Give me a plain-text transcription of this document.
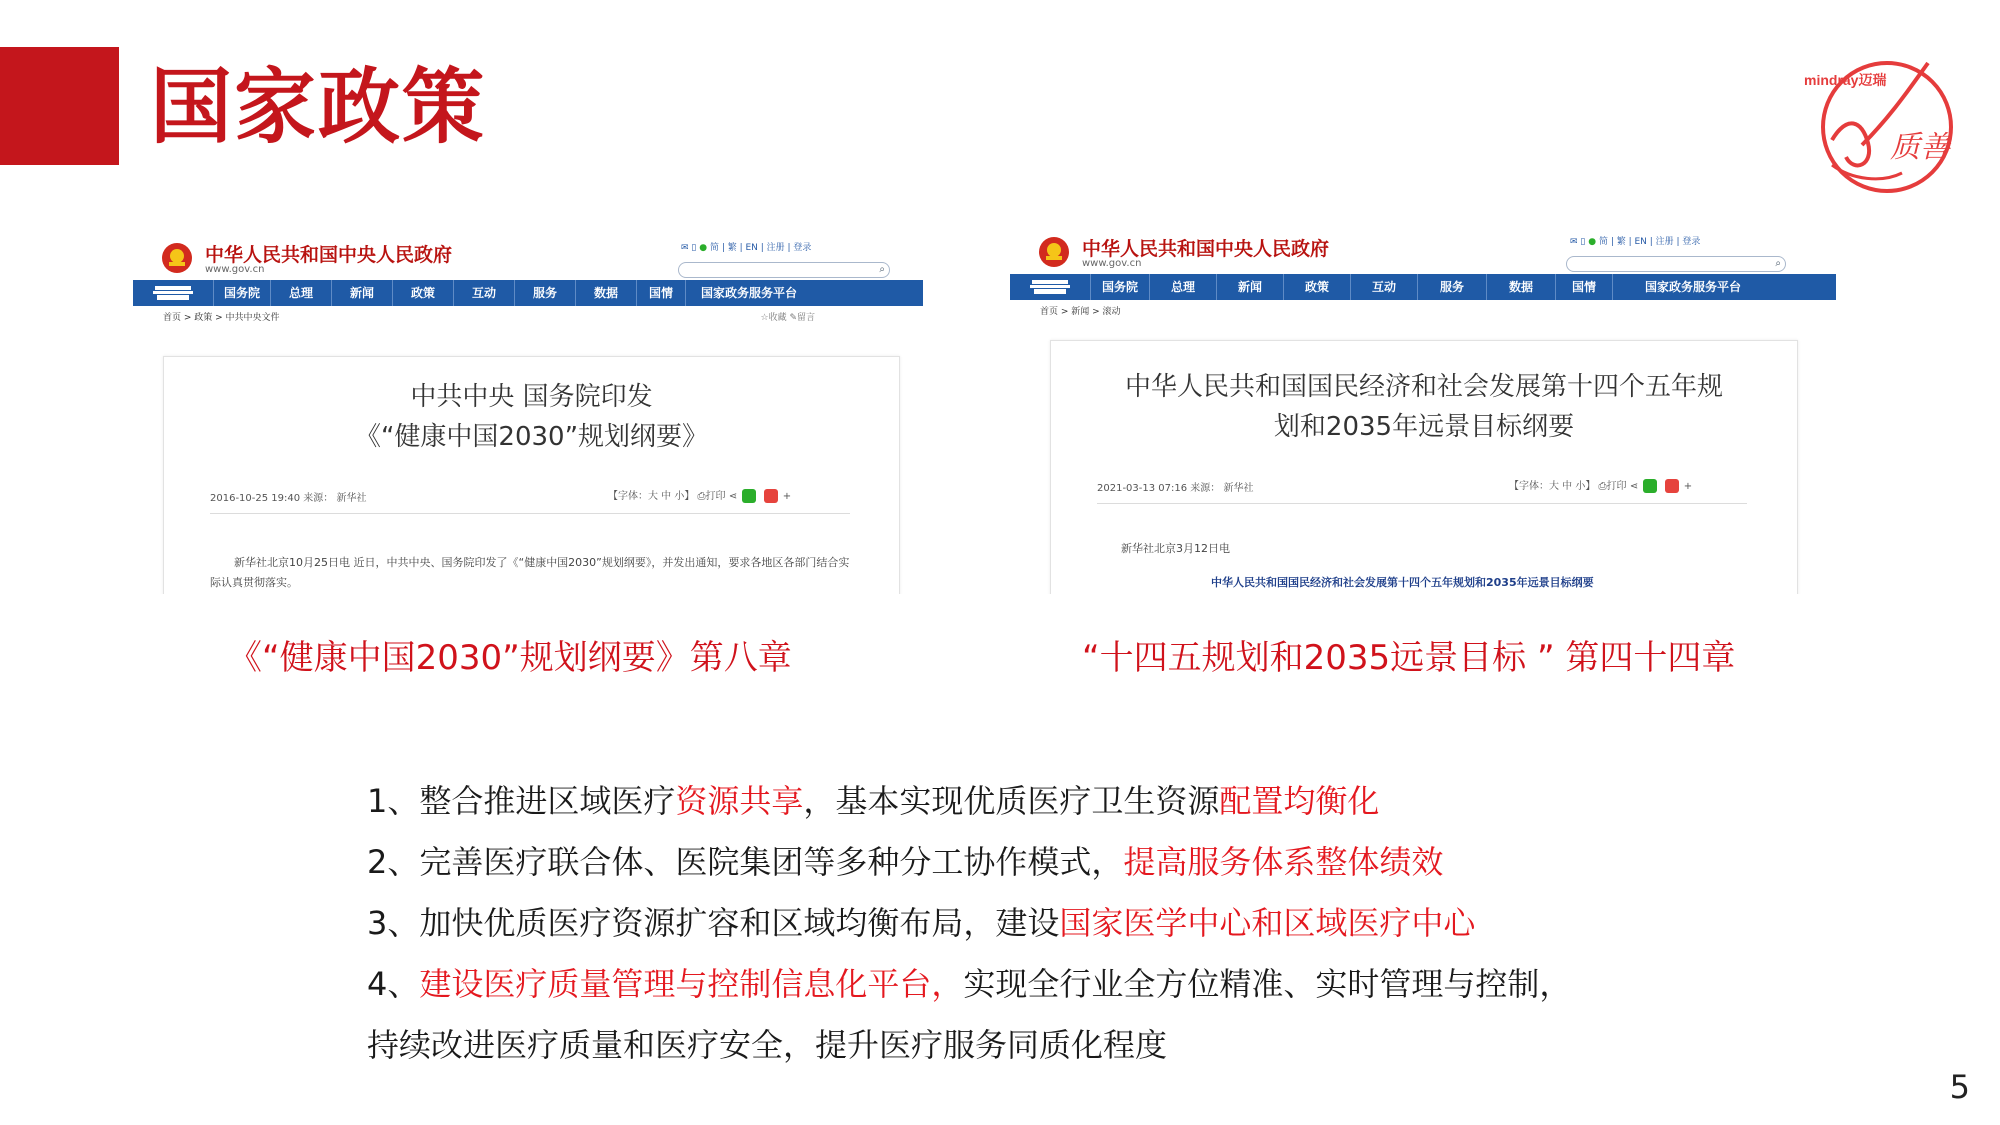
国家政策	mindray迈瑞
质善
中华人民共和国中央人民政府
www.gov.cn
✉ ▯ ● 简 | 繁 | EN | 注册 | 登录
⌕
国务院	总理	新闻	政策	互动	服务	数据	国情	国家政务服务平台
首页 > 政策 > 中共中央文件	☆收藏 ✎留言
中共中央 国务院印发
《“健康中国2030”规划纲要》
2016-10-25 19:40 来源： 新华社	【字体：大 中 小】 ⎙打印 ⋖	+
新华社北京10月25日电 近日，中共中央、国务院印发了《“健康中国2030”规划纲要》，并发出通知，要求各地区各部门结合实际认真贯彻落实。
中华人民共和国中央人民政府
www.gov.cn
✉ ▯ ● 简 | 繁 | EN | 注册 | 登录
⌕
国务院	总理	新闻	政策	互动	服务	数据	国情	国家政务服务平台
首页 > 新闻 > 滚动
中华人民共和国国民经济和社会发展第十四个五年规
划和2035年远景目标纲要
2021-03-13 07:16 来源： 新华社	【字体：大 中 小】 ⎙打印 ⋖	+
新华社北京3月12日电
中华人民共和国国民经济和社会发展第十四个五年规划和2035年远景目标纲要
《“健康中国2030”规划纲要》第八章	“十四五规划和2035远景目标 ” 第四十四章
1、整合推进区域医疗资源共享，基本实现优质医疗卫生资源配置均衡化
2、完善医疗联合体、医院集团等多种分工协作模式，提高服务体系整体绩效
3、加快优质医疗资源扩容和区域均衡布局，建设国家医学中心和区域医疗中心
4、建设医疗质量管理与控制信息化平台，实现全行业全方位精准、实时管理与控制，
持续改进医疗质量和医疗安全，提升医疗服务同质化程度
5
